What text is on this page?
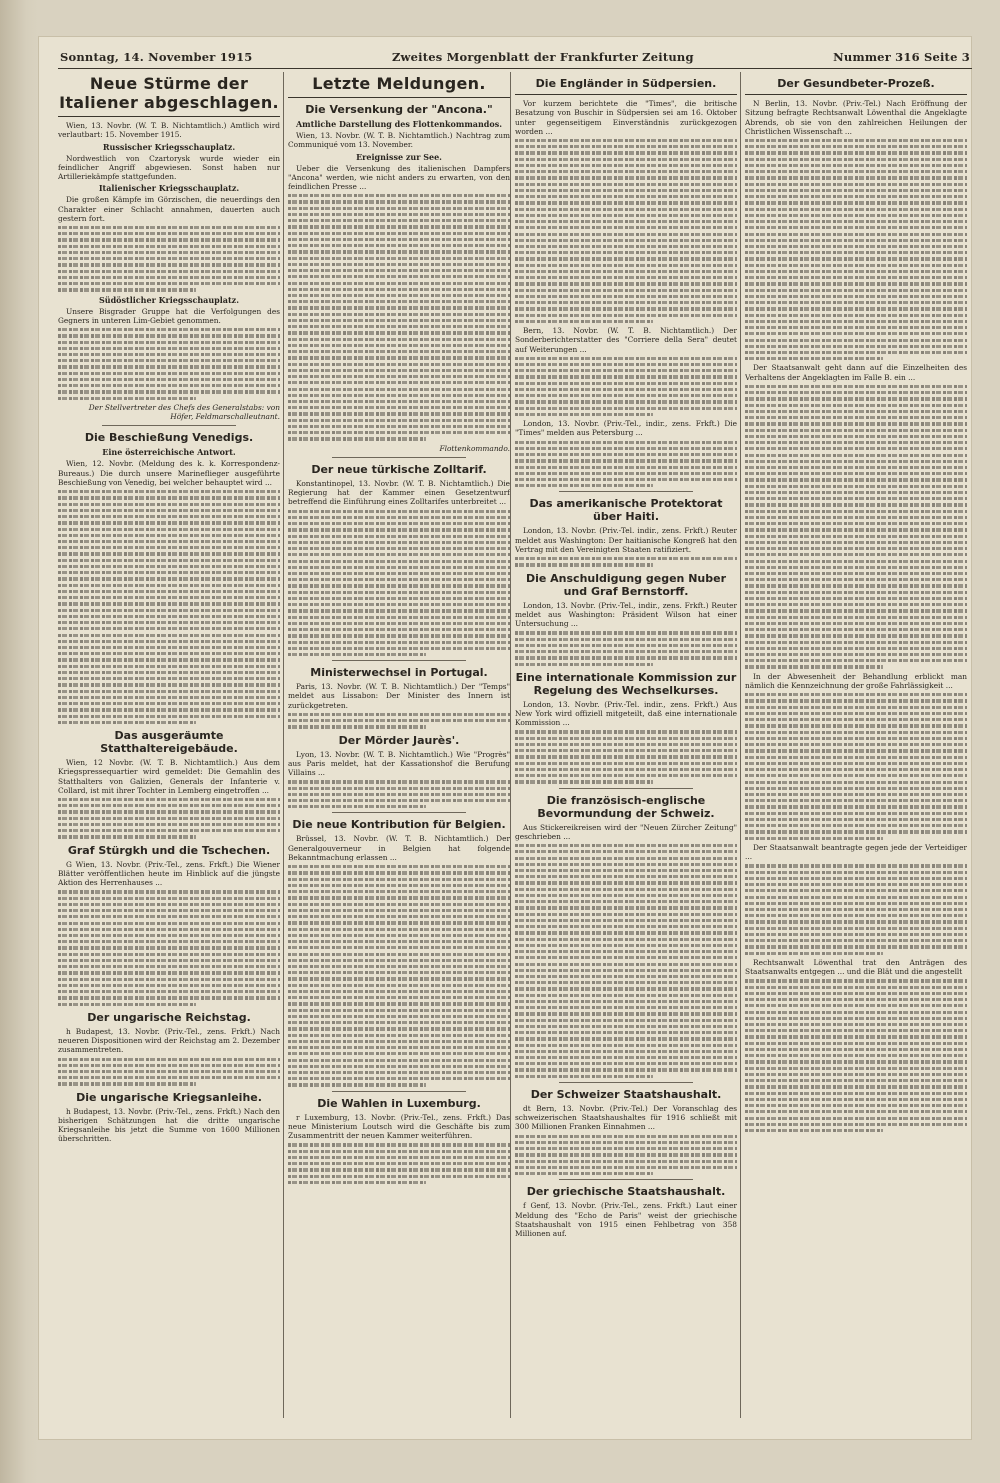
Sonntag, 14. November 1915	Zweites Morgenblatt der Frankfurter Zeitung	Nummer 316 Seite 3
Neue Stürme der Italiener abgeschlagen.

Wien, 13. Novbr. (W. T. B. Nichtamtlich.) Amtlich wird verlautbart: 15. November 1915.

Russischer Kriegsschauplatz.

Nordwestlich von Czartorysk wurde wieder ein feindlicher Angriff abgewiesen. Sonst haben nur Artilleriekämpfe stattgefunden.

Italienischer Kriegsschauplatz.

Die großen Kämpfe im Görzischen, die neuerdings den Charakter einer Schlacht annahmen, dauerten auch gestern fort.

Südöstlicher Kriegsschauplatz.

Unsere Bisgrader Gruppe hat die Verfolgungen des Gegners in unteren Lim-Gebiet genommen.

Der Stellvertreter des Chefs des Generalstabs: von Höfer, Feldmarschalleutnant.

Die Beschießung Venedigs.
Eine österreichische Antwort.

Wien, 12. Novbr. (Meldung des k. k. Korrespondenz-Bureaus.) Die durch unsere Marineflieger ausgeführte Beschießung von Venedig, bei welcher behauptet wird ...

Das ausgeräumte Statthaltereigebäude.

Wien, 12 Novbr. (W. T. B. Nichtamtlich.) Aus dem Kriegspressequartier wird gemeldet: Die Gemahlin des Statthalters von Galizien, Generals der Infanterie v. Collard, ist mit ihrer Tochter in Lemberg eingetroffen ...

Graf Stürgkh und die Tschechen.

G Wien, 13. Novbr. (Priv.-Tel., zens. Frkft.) Die Wiener Blätter veröffentlichen heute im Hinblick auf die jüngste Aktion des Herrenhauses ...

Der ungarische Reichstag.

h Budapest, 13. Novbr. (Priv.-Tel., zens. Frkft.) Nach neueren Dispositionen wird der Reichstag am 2. Dezember zusammentreten.

Die ungarische Kriegsanleihe.

h Budapest, 13. Novbr. (Priv.-Tel., zens. Frkft.) Nach den bisherigen Schätzungen hat die dritte ungarische Kriegsanleihe bis jetzt die Summe von 1600 Millionen überschritten.

Letzte Meldungen.
Die Versenkung der "Ancona."
Amtliche Darstellung des Flottenkommandos.

Wien, 13. Novbr. (W. T. B. Nichtamtlich.) Nachtrag zum Communiqué vom 13. November.

Ereignisse zur See.

Ueber die Versenkung des italienischen Dampfers "Ancona" werden, wie nicht anders zu erwarten, von den feindlichen Presse ...

Flottenkommando.

Der neue türkische Zolltarif.

Konstantinopel, 13. Novbr. (W. T. B. Nichtamtlich.) Die Regierung hat der Kammer einen Gesetzentwurf betreffend die Einführung eines Zolltarifes unterbreitet ...

Ministerwechsel in Portugal.

Paris, 13. Novbr. (W. T. B. Nichtamtlich.) Der "Temps" meldet aus Lissabon: Der Minister des Innern ist zurückgetreten.

Der Mörder Jaurès'.

Lyon, 13. Novbr. (W. T. B. Nichtamtlich.) Wie "Progrès" aus Paris meldet, hat der Kassationshof die Berufung Villains ...

Die neue Kontribution für Belgien.

Brüssel, 13. Novbr. (W. T. B. Nichtamtlich.) Der Generalgouverneur in Belgien hat folgende Bekanntmachung erlassen ...

Die Wahlen in Luxemburg.

r Luxemburg, 13. Novbr. (Priv.-Tel., zens. Frkft.) Das neue Ministerium Loutsch wird die Geschäfte bis zum Zusammentritt der neuen Kammer weiterführen.

Die Engländer in Südpersien.

Vor kurzem berichtete die "Times", die britische Besatzung von Buschir in Südpersien sei am 16. Oktober unter gegenseitigem Einverständnis zurückgezogen worden ...

Bern, 13. Novbr. (W. T. B. Nichtamtlich.) Der Sonderberichterstatter des "Corriere della Sera" deutet auf Weiterungen ...

London, 13. Novbr. (Priv.-Tel., indir., zens. Frkft.) Die "Times" melden aus Petersburg ...

Das amerikanische Protektorat über Haiti.

London, 13. Novbr. (Priv.-Tel. indir., zens. Frkft.) Reuter meldet aus Washington: Der haitianische Kongreß hat den Vertrag mit den Vereinigten Staaten ratifiziert.

Die Anschuldigung gegen Nuber und Graf Bernstorff.

London, 13. Novbr. (Priv.-Tel., indir., zens. Frkft.) Reuter meldet aus Washington: Präsident Wilson hat einer Untersuchung ...

Eine internationale Kommission zur Regelung des Wechselkurses.

London, 13. Novbr. (Priv.-Tel. indir., zens. Frkft.) Aus New York wird offiziell mitgeteilt, daß eine internationale Kommission ...

Die französisch-englische Bevormundung der Schweiz.

Aus Stickereikreisen wird der "Neuen Zürcher Zeitung" geschrieben ...

Der Schweizer Staatshaushalt.

dt Bern, 13. Novbr. (Priv.-Tel.) Der Voranschlag des schweizerischen Staatshaushaltes für 1916 schließt mit 300 Millionen Franken Einnahmen ...

Der griechische Staatshaushalt.

f Genf, 13. Novbr. (Priv.-Tel., zens. Frkft.) Laut einer Meldung des "Echo de Paris" weist der griechische Staatshaushalt von 1915 einen Fehlbetrag von 358 Millionen auf.

Der Gesundbeter-Prozeß.

N Berlin, 13. Novbr. (Priv.-Tel.) Nach Eröffnung der Sitzung befragte Rechtsanwalt Löwenthal die Angeklagte Abrends, ob sie von den zahlreichen Heilungen der Christlichen Wissenschaft ...

Der Staatsanwalt geht dann auf die Einzelheiten des Verhaltens der Angeklagten im Falle B. ein ...

In der Abwesenheit der Behandlung erblickt man nämlich die Kennzeichnung der große Fahrlässigkeit ...

Der Staatsanwalt beantragte gegen jede der Verteidiger ...

Rechtsanwalt Löwenthal trat den Anträgen des Staatsanwalts entgegen ... und die Blät und die angestellt
